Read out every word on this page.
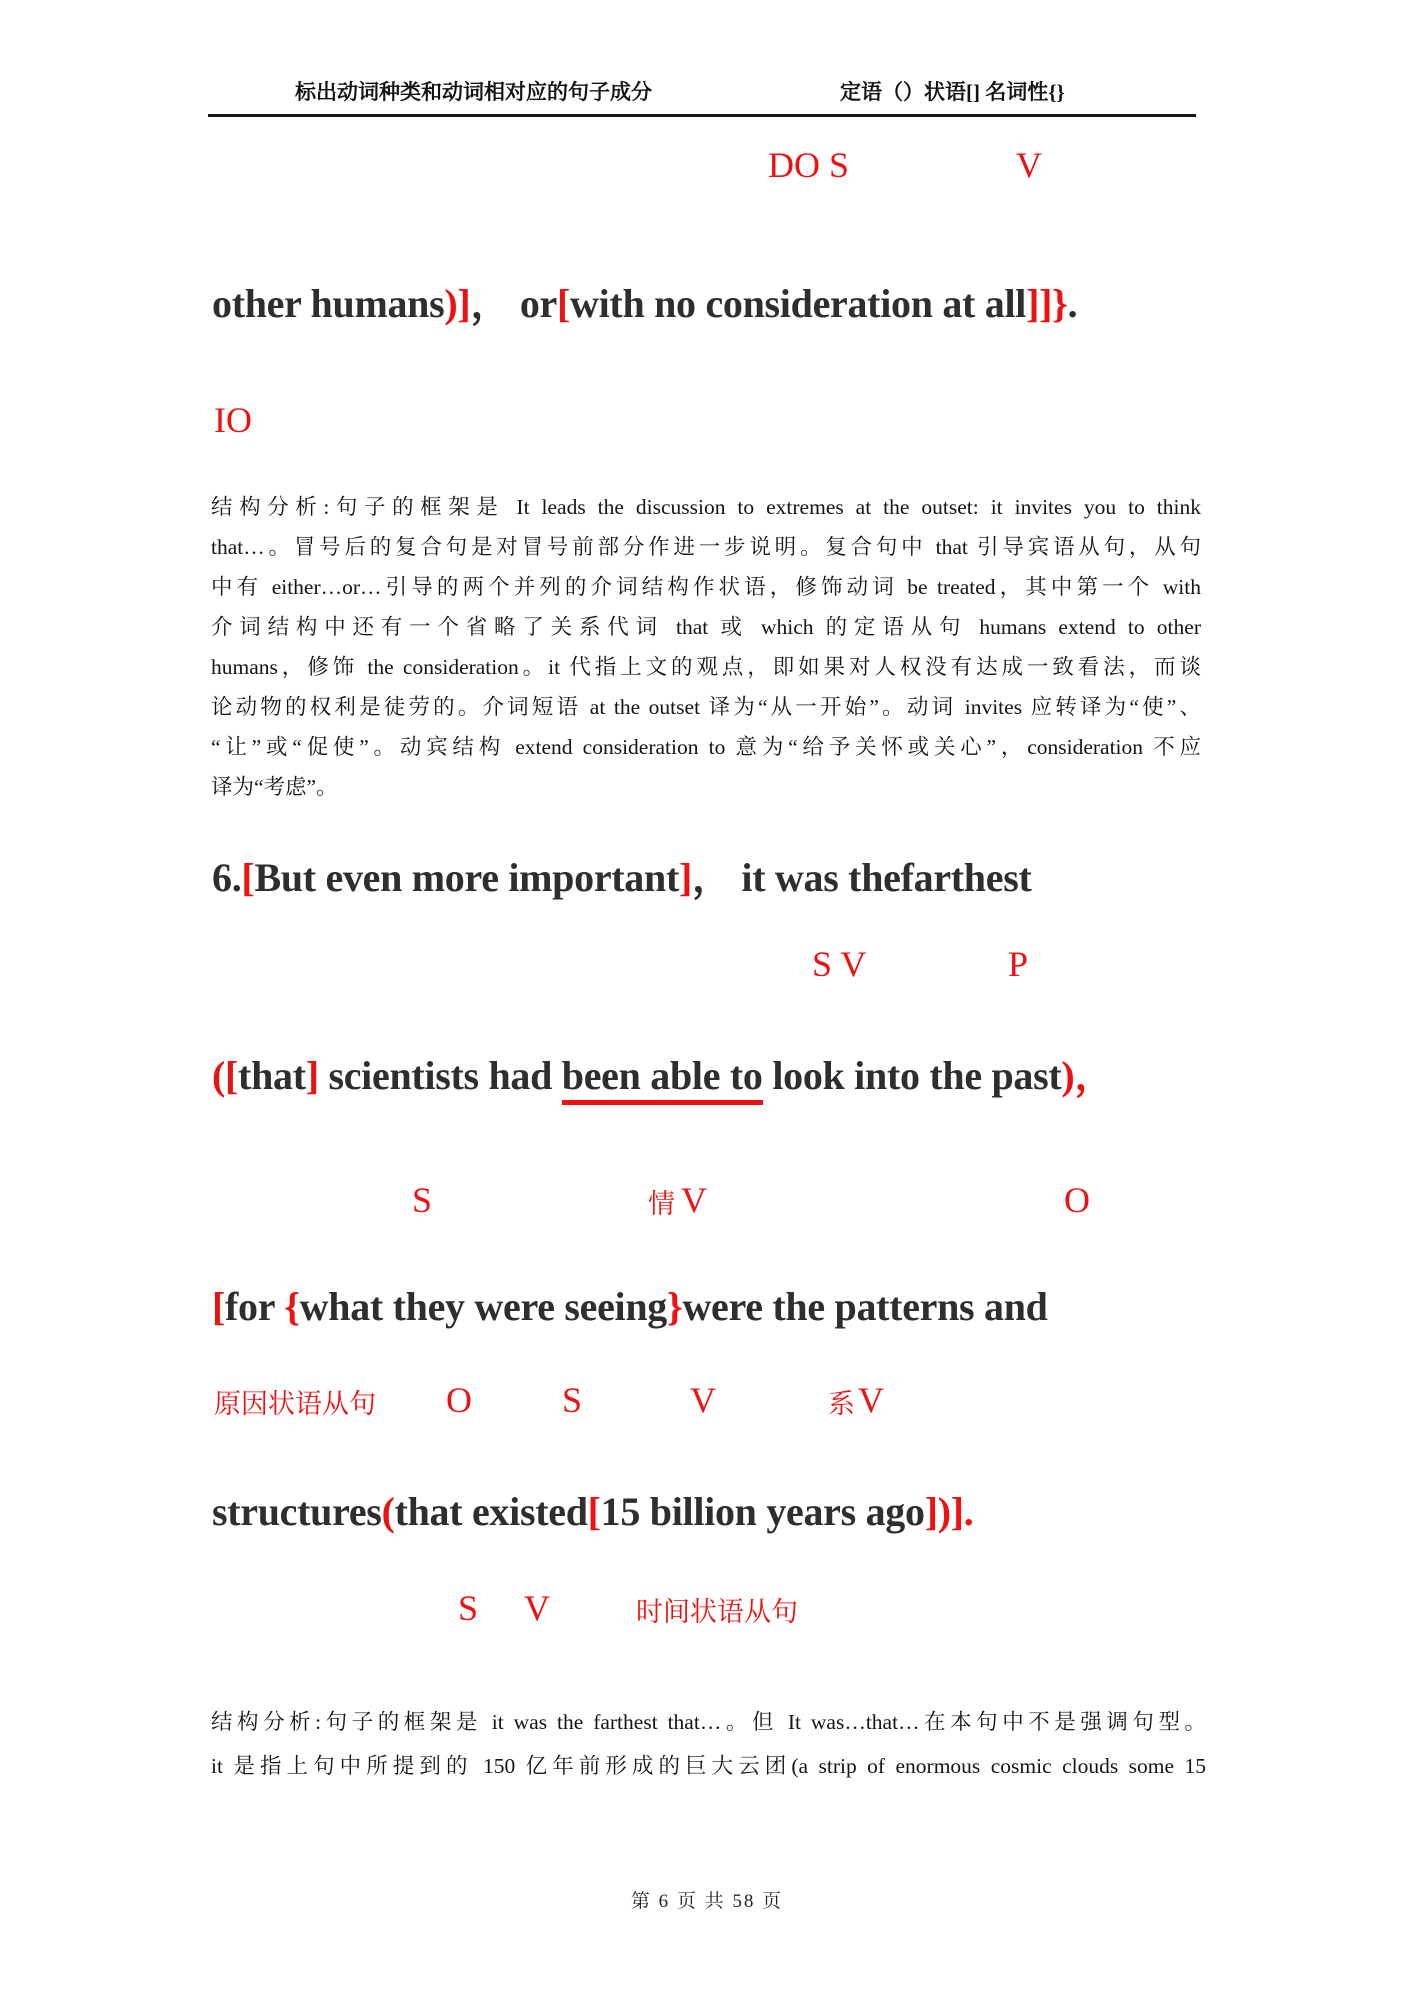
标出动词种类和动词相对应的句子成分	定语（）状语[] 名词性{}
DO S	V
other humans)]， or[with no consideration at all]]}.
IO
结构分析:句子的框架是 It leads the discussion to extremes at the outset: it invites you to think
that…。冒号后的复合句是对冒号前部分作进一步说明。复合句中 that 引导宾语从句，从句
中有 either…or…引导的两个并列的介词结构作状语，修饰动词 be treated，其中第一个 with
介词结构中还有一个省略了关系代词 that 或 which 的定语从句 humans extend to other
humans，修饰 the consideration。it 代指上文的观点，即如果对人权没有达成一致看法，而谈
论动物的权利是徒劳的。介词短语 at the outset 译为“从一开始”。动词 invites 应转译为“使”、
“让”或“促使”。动宾结构 extend consideration to 意为“给予关怀或关心”，consideration 不应
译为“考虑”。
6.[But even more important]， it was thefarthest
S V	P
([that] scientists had been able to look into the past)，
S	情 V	O
[for {what they were seeing}were the patterns and
原因状语从句 O	S	V	系 V
structures(that existed[15 billion years ago])].
S V	时间状语从句
结构分析:句子的框架是 it was the farthest that…。但 It was…that…在本句中不是强调句型。
it 是指上句中所提到的 150 亿年前形成的巨大云团(a strip of enormous cosmic clouds some 15
第 6 页 共 58 页
